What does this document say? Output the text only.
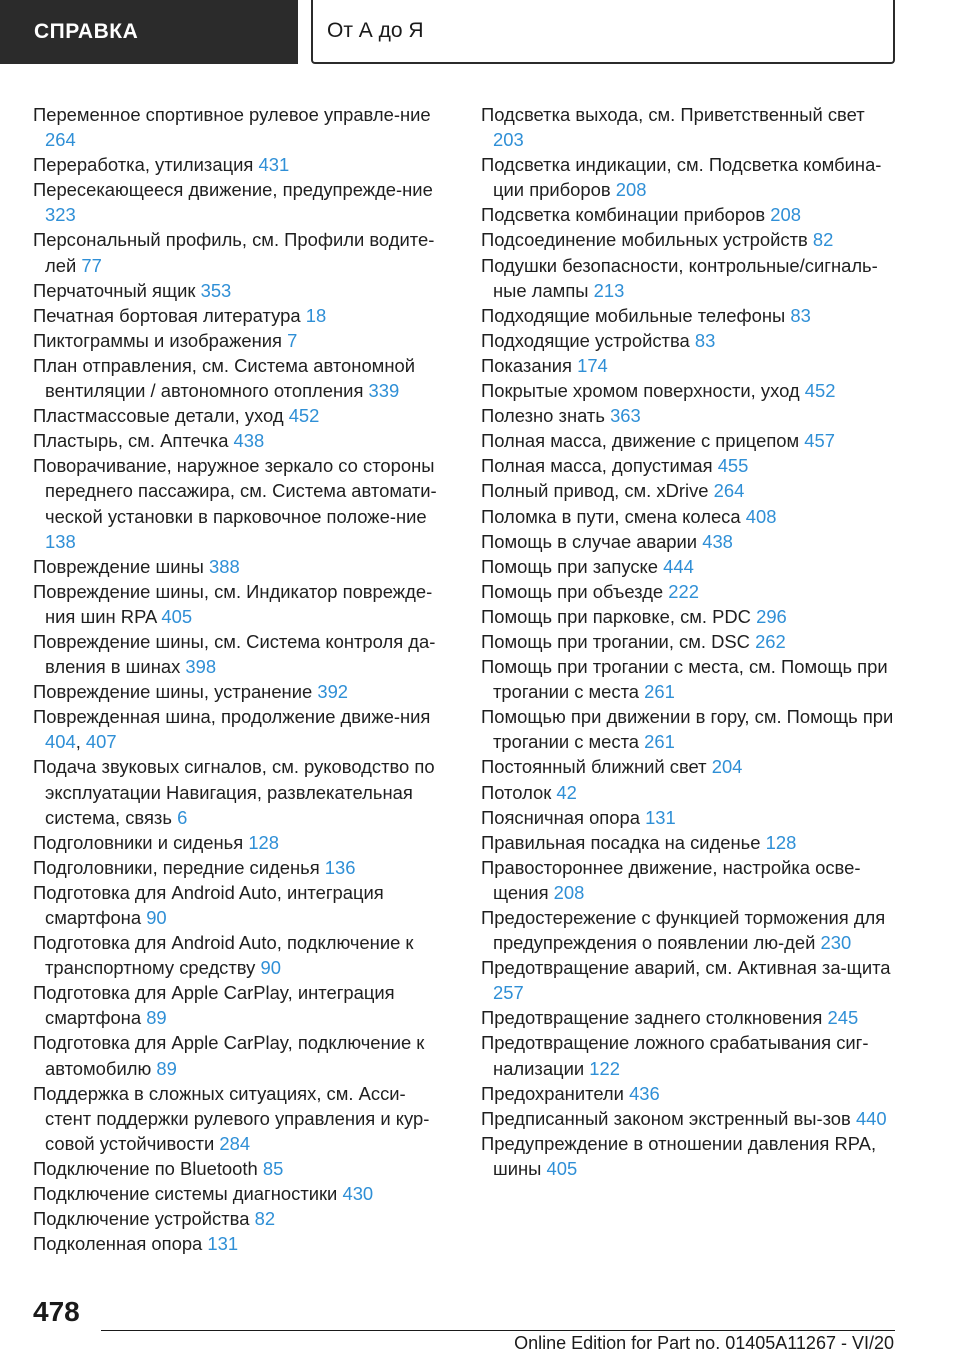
СПРАВКА	От А до Я
Переменное спортивное рулевое управле-ние 264
Переработка, утилизация 431
Пересекающееся движение, предупрежде-ние 323
Персональный профиль, см. Профили водите-лей 77
Перчаточный ящик 353
Печатная бортовая литература 18
Пиктограммы и изображения 7
План отправления, см. Система автономной вентиляции / автономного отопления 339
Пластмассовые детали, уход 452
Пластырь, см. Аптечка 438
Поворачивание, наружное зеркало со стороны переднего пассажира, см. Система автомати-ческой установки в парковочное положе-ние 138
Повреждение шины 388
Повреждение шины, см. Индикатор поврежде-ния шин RPA 405
Повреждение шины, см. Система контроля да-вления в шинах 398
Повреждение шины, устранение 392
Поврежденная шина, продолжение движе-ния 404, 407
Подача звуковых сигналов, см. руководство по эксплуатации Навигация, развлекательная система, связь 6
Подголовники и сиденья 128
Подголовники, передние сиденья 136
Подготовка для Android Auto, интеграция смартфона 90
Подготовка для Android Auto, подключение к транспортному средству 90
Подготовка для Apple CarPlay, интеграция смартфона 89
Подготовка для Apple CarPlay, подключение к автомобилю 89
Поддержка в сложных ситуациях, см. Асси-стент поддержки рулевого управления и кур-совой устойчивости 284
Подключение по Bluetooth 85
Подключение системы диагностики 430
Подключение устройства 82
Подколенная опора 131
Подсветка выхода, см. Приветственный свет 203
Подсветка индикации, см. Подсветка комбина-ции приборов 208
Подсветка комбинации приборов 208
Подсоединение мобильных устройств 82
Подушки безопасности, контрольные/сигналь-ные лампы 213
Подходящие мобильные телефоны 83
Подходящие устройства 83
Показания 174
Покрытые хромом поверхности, уход 452
Полезно знать 363
Полная масса, движение с прицепом 457
Полная масса, допустимая 455
Полный привод, см. xDrive 264
Поломка в пути, смена колеса 408
Помощь в случае аварии 438
Помощь при запуске 444
Помощь при объезде 222
Помощь при парковке, см. PDC 296
Помощь при трогании, см. DSC 262
Помощь при трогании с места, см. Помощь при трогании с места 261
Помощью при движении в гору, см. Помощь при трогании с места 261
Постоянный ближний свет 204
Потолок 42
Поясничная опора 131
Правильная посадка на сиденье 128
Правостороннее движение, настройка осве-щения 208
Предостережение с функцией торможения для предупреждения о появлении лю-дей 230
Предотвращение аварий, см. Активная за-щита 257
Предотвращение заднего столкновения 245
Предотвращение ложного срабатывания сиг-нализации 122
Предохранители 436
Предписанный законом экстренный вы-зов 440
Предупреждение в отношении давления RPA, шины 405
478
Online Edition for Part no. 01405A11267 - VI/20
